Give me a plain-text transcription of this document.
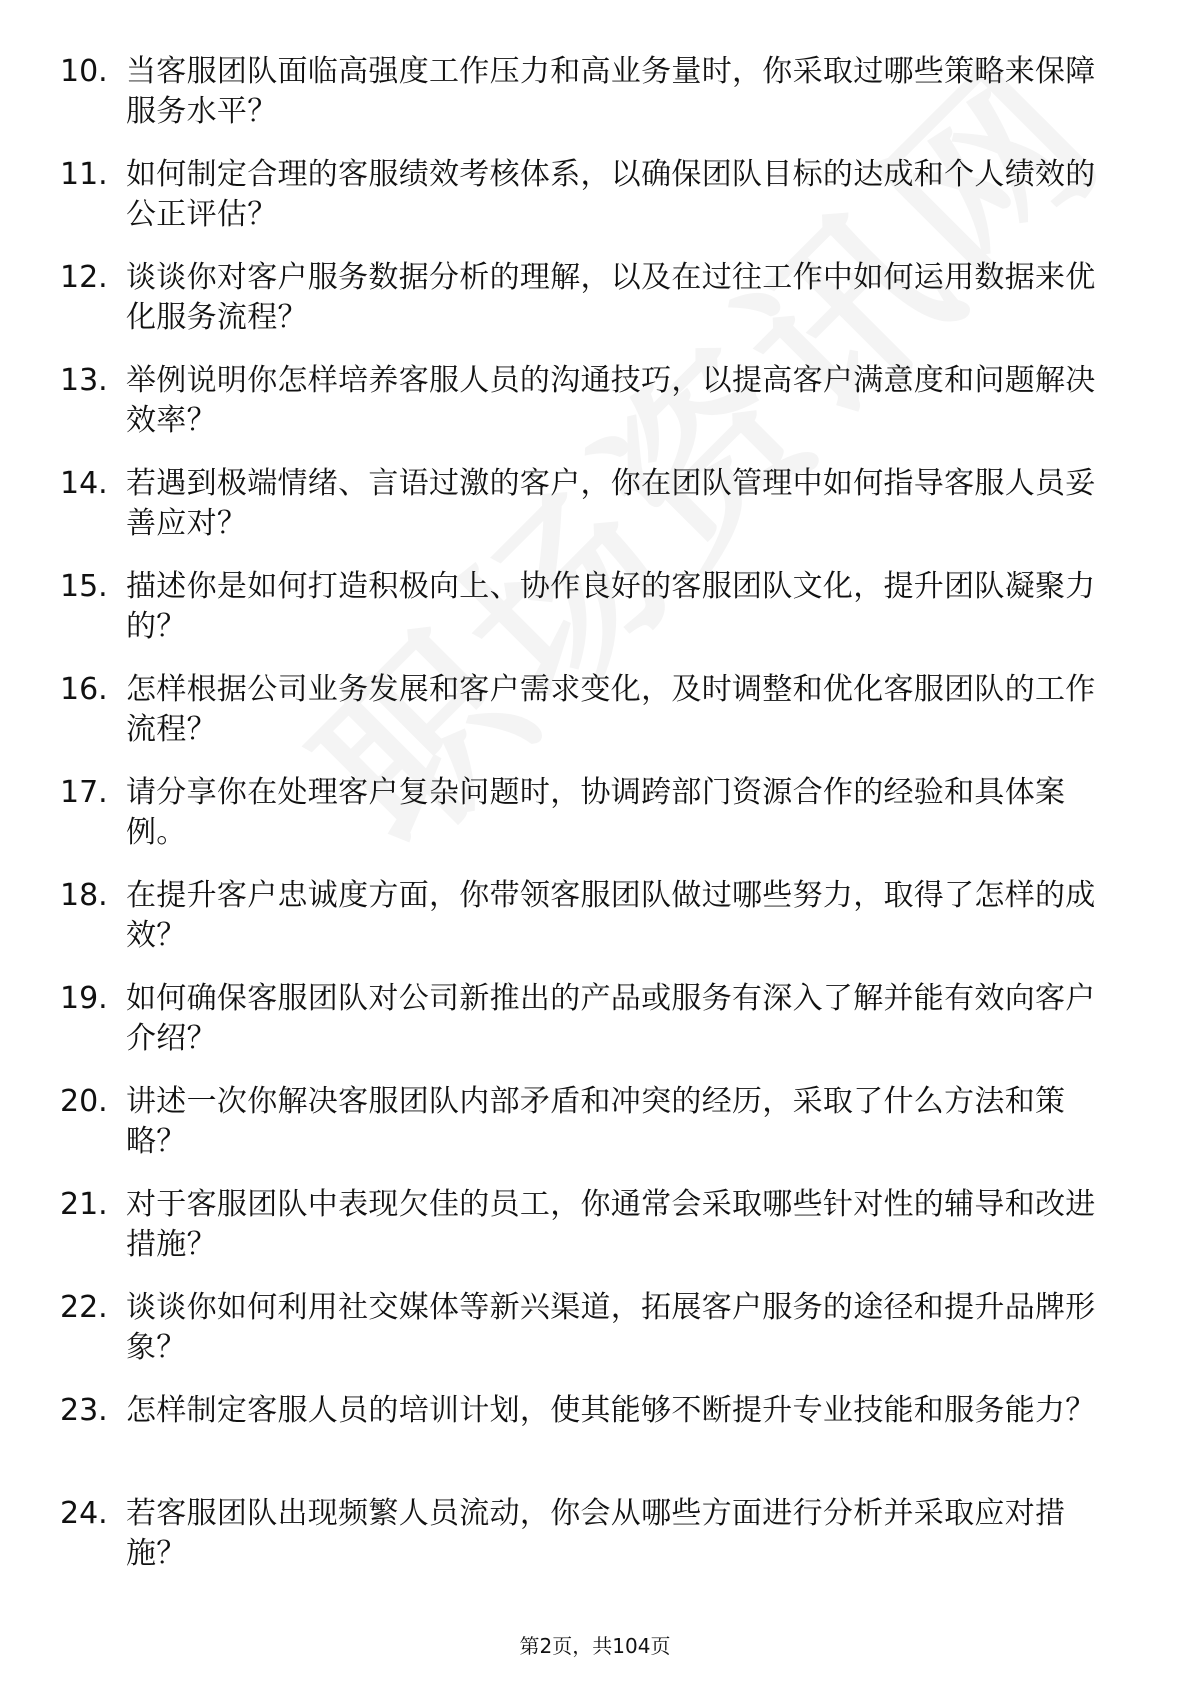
10. 当客服团队面临高强度工作压力和高业务量时，你采取过哪些策略来保障服务水平？
11. 如何制定合理的客服绩效考核体系，以确保团队目标的达成和个人绩效的公正评估？
12. 谈谈你对客户服务数据分析的理解，以及在过往工作中如何运用数据来优化服务流程？
13. 举例说明你怎样培养客服人员的沟通技巧，以提高客户满意度和问题解决效率？
14. 若遇到极端情绪、言语过激的客户，你在团队管理中如何指导客服人员妥善应对？
15. 描述你是如何打造积极向上、协作良好的客服团队文化，提升团队凝聚力的？
16. 怎样根据公司业务发展和客户需求变化，及时调整和优化客服团队的工作流程？
17. 请分享你在处理客户复杂问题时，协调跨部门资源合作的经验和具体案例。
18. 在提升客户忠诚度方面，你带领客服团队做过哪些努力，取得了怎样的成效？
19. 如何确保客服团队对公司新推出的产品或服务有深入了解并能有效向客户介绍？
20. 讲述一次你解决客服团队内部矛盾和冲突的经历，采取了什么方法和策略？
21. 对于客服团队中表现欠佳的员工，你通常会采取哪些针对性的辅导和改进措施？
22. 谈谈你如何利用社交媒体等新兴渠道，拓展客户服务的途径和提升品牌形象？
23. 怎样制定客服人员的培训计划，使其能够不断提升专业技能和服务能力？
24. 若客服团队出现频繁人员流动，你会从哪些方面进行分析并采取应对措施？
第2页，共104页
